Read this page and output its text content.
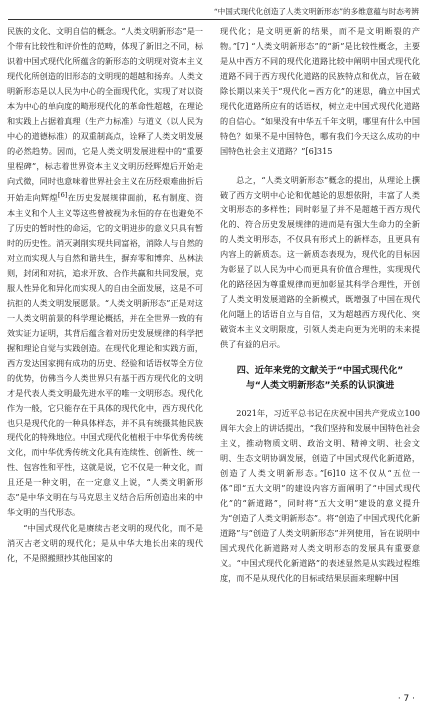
“中国式现代化创造了人类文明新形态”的多维意蕴与时态考辨

民族的文化、文明自信的概念。“人类文明新形态”是一个带有比较性和评价性的范畴，体现了新旧之不同，标识着中国式现代化所蕴含的新形态的文明现对资本主义现代化所创造的旧形态的文明现的超越和扬弃。人类文明新形态是以人民为中心的全面现代化，实现了对以资本为中心的单向度的畸形现代化的革命性超越，在理论和实践上占据着真理（生产力标准）与道义（以人民为中心的道德标准）的双重制高点，诠释了人类文明发展的必然趋势。因而，它是人类文明发展进程中的“重要里程碑”，标志着世界资本主义文明历经辉煌后开始走向式微，同时也意味着世界社会主义在历经艰难曲折后开始走向辉煌[6]在历史发展规律面前，私有制度、资本主义和个人主义等这些曾被视为永恒的存在也避免不了历史的暂时性的命运，它的文明进步的意义只具有暂时的历史性。消灭剥削实现共同富裕，消除人与自然的对立而实现人与自然和谐共生，摒弃零和博弈、丛林法则，封闭和对抗，追求开放、合作共赢和共同发展，克服人性异化和异化而实现人的自由全面发展，这是不可抗拒的人类文明发展愿景。“人类文明新形态”正是对这一人类文明前景的科学理论概括，并在全世界一致的有效实证力证明，其背后蕴含着对历史发展规律的科学把握和理论自觉与实践创造。在现代化理论和实践方面，西方发达国家拥有成功的历史、经验和话语权等全方位的优势，仿佛当今人类世界只有基于西方现代化的文明才是代表人类文明最先进水平的唯一文明形态。现代化作为一般，它只能存在于具体的现代化中，西方现代化也只是现代化的一种具体样态，并不具有统摄其他民族现代化的特殊地位。中国式现代化植根于中华优秀传统文化，而中华优秀传统文化具有连续性、创新性、统一性、包容性和平性，这就是说，它不仅是一种文化，而且还是一种文明，在一定意义上说，“人类文明新形态”是中华文明在与马克思主义结合后所创造出来的中华文明的当代形态。

“中国式现代化是赓续古老文明的现代化，而不是消灭古老文明的现代化；是从中华大地长出来的现代化，不是照搬照抄其他国家的

现代化；是文明更新的结果，而不是文明断裂的产物。”[7] “人类文明新形态”的“新”是比较性概念，主要是从中西方不同的现代化道路比较中阐明中国式现代化道路不同于西方现代化道路的民族特点和优点，旨在破除长期以来关于“现代化＝西方化”的迷思，确立中国式现代化道路所应有的话语权，树立走中国式现代化道路的自信心。“如果没有中华五千年文明，哪里有什么中国特色？如果不是中国特色，哪有我们今天这么成功的中国特色社会主义道路？”[6]315

总之，“人类文明新形态”概念的提出，从理论上撰破了西方文明中心论和优越论的思想依附，丰富了人类文明形态的多样性；同时彰显了并不是超越于西方现代化的、符合历史发展规律的进而是有强大生命力的全新的人类文明形态，不仅具有形式上的新样态，且更具有内容上的新质态。这一新质态表现为，现代化的目标因为彰显了以人民为中心而更具有价值合理性，实现现代化的路径因为尊重规律而更加彰显其科学合理性，开创了人类文明发展道路的全新模式，既增强了中国在现代化问题上的话语自立与自信，又为超越西方现代化、突破资本主义文明限度，引领人类走向更为光明的未来提供了有益的启示。

四、近年来党的文献关于“中国式现代化”
与“人类文明新形态”关系的认识演进

2021年，习近平总书记在庆祝中国共产党成立100周年大会上的讲话提出，“我们坚持和发展中国特色社会主义，推动物质文明、政治文明、精神文明、社会文明、生态文明协调发展，创造了中国式现代化新道路，创造了人类文明新形态。”[6]10 这不仅从“五位一体”即“五大文明”的建设内容方面阐明了“中国式现代化”的“新道路”，同时将“五大文明”建设的意义提升为“创造了人类文明新形态”。将“创造了中国式现代化新道路”与“创造了人类文明新形态”并列使用，旨在说明中国式现代化新道路对人类文明形态的发展具有重要意义。“中国式现代化新道路”的表述显然是从实践过程维度，而不是从现代化的目标或结果层面来理解中国

· 7 ·
